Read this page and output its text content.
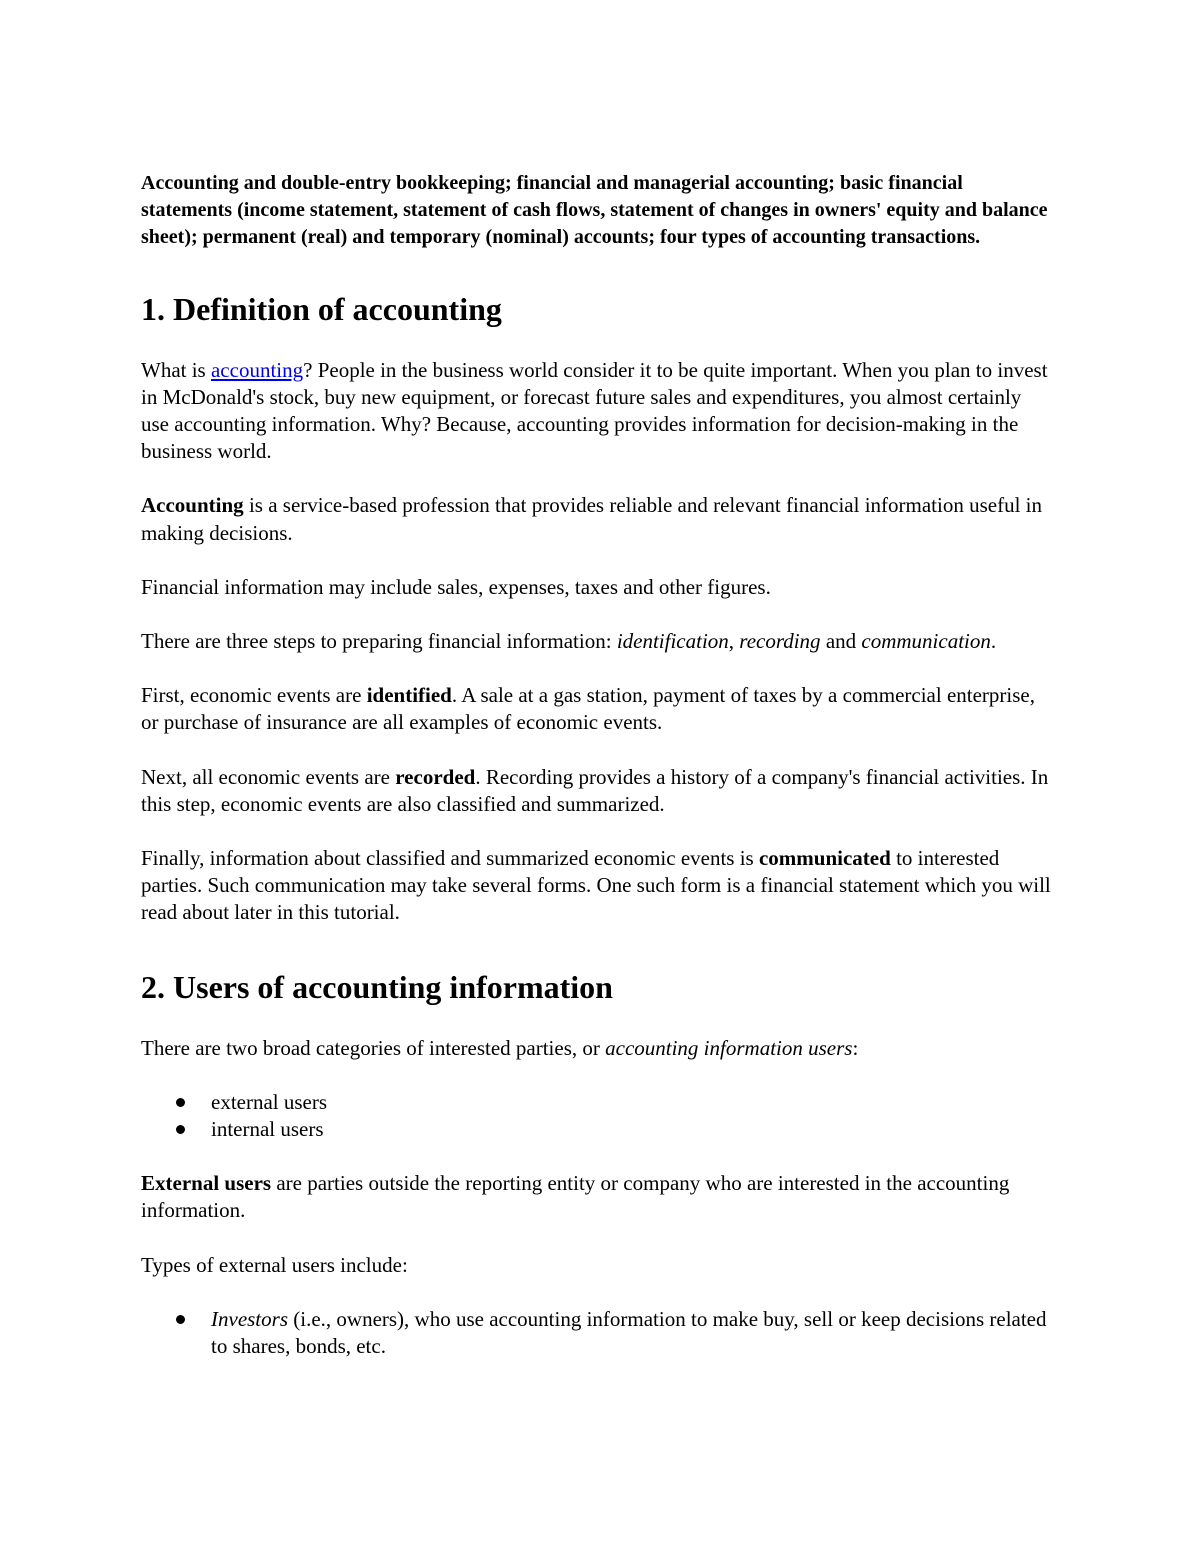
Accounting and double-entry bookkeeping; financial and managerial accounting; basic financial statements (income statement, statement of cash flows, statement of changes in owners' equity and balance sheet); permanent (real) and temporary (nominal) accounts; four types of accounting transactions.

1. Definition of accounting

What is accounting? People in the business world consider it to be quite important. When you plan to invest in McDonald's stock, buy new equipment, or forecast future sales and expenditures, you almost certainly use accounting information. Why? Because, accounting provides information for decision-making in the business world.

Accounting is a service-based profession that provides reliable and relevant financial information useful in making decisions.

Financial information may include sales, expenses, taxes and other figures.

There are three steps to preparing financial information: identification, recording and communication.

First, economic events are identified. A sale at a gas station, payment of taxes by a commercial enterprise, or purchase of insurance are all examples of economic events.

Next, all economic events are recorded. Recording provides a history of a company's financial activities. In this step, economic events are also classified and summarized.

Finally, information about classified and summarized economic events is communicated to interested parties. Such communication may take several forms. One such form is a financial statement which you will read about later in this tutorial.

2. Users of accounting information

There are two broad categories of interested parties, or accounting information users:

external users
internal users

External users are parties outside the reporting entity or company who are interested in the accounting information.

Types of external users include:

Investors (i.e., owners), who use accounting information to make buy, sell or keep decisions related to shares, bonds, etc.
